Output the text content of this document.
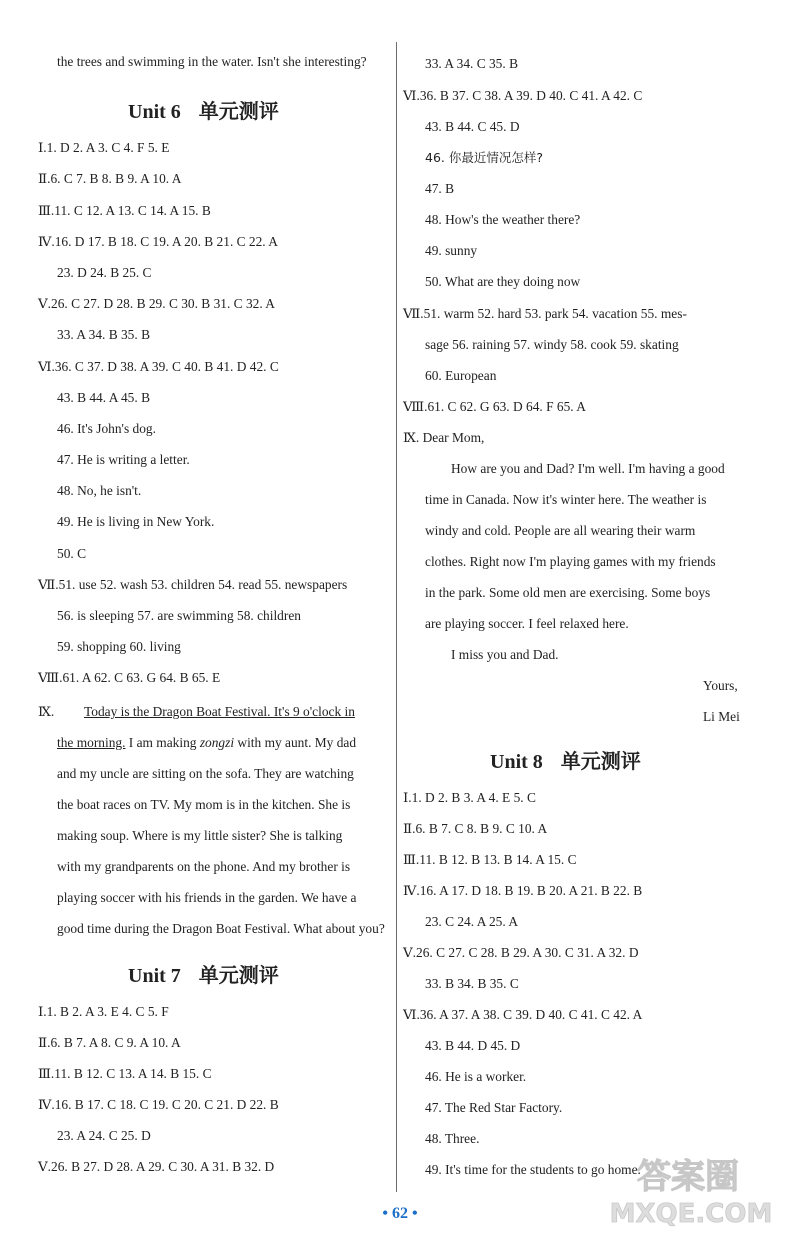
the trees and swimming in the water. Isn't she interesting?
Unit 6 单元测评
Ⅰ.1. D 2. A 3. C 4. F 5. E
Ⅱ.6. C 7. B 8. B 9. A 10. A
Ⅲ.11. C 12. A 13. C 14. A 15. B
Ⅳ.16. D 17. B 18. C 19. A 20. B 21. C 22. A
23. D 24. B 25. C
Ⅴ.26. C 27. D 28. B 29. C 30. B 31. C 32. A
33. A 34. B 35. B
Ⅵ.36. C 37. D 38. A 39. C 40. B 41. D 42. C
43. B 44. A 45. B
46. It's John's dog.
47. He is writing a letter.
48. No, he isn't.
49. He is living in New York.
50. C
Ⅶ.51. use 52. wash 53. children 54. read 55. newspapers
56. is sleeping 57. are swimming 58. children
59. shopping 60. living
Ⅷ.61. A 62. C 63. G 64. B 65. E
Ⅸ. Today is the Dragon Boat Festival. It's 9 o'clock in
the morning. I am making zongzi with my aunt. My dad
and my uncle are sitting on the sofa. They are watching
the boat races on TV. My mom is in the kitchen. She is
making soup. Where is my little sister? She is talking
with my grandparents on the phone. And my brother is
playing soccer with his friends in the garden. We have a
good time during the Dragon Boat Festival. What about you?
Unit 7 单元测评
Ⅰ.1. B 2. A 3. E 4. C 5. F
Ⅱ.6. B 7. A 8. C 9. A 10. A
Ⅲ.11. B 12. C 13. A 14. B 15. C
Ⅳ.16. B 17. C 18. C 19. C 20. C 21. D 22. B
23. A 24. C 25. D
Ⅴ.26. B 27. D 28. A 29. C 30. A 31. B 32. D
33. A 34. C 35. B
Ⅵ.36. B 37. C 38. A 39. D 40. C 41. A 42. C
43. B 44. C 45. D
46. 你最近情况怎样?
47. B
48. How's the weather there?
49. sunny
50. What are they doing now
Ⅶ.51. warm 52. hard 53. park 54. vacation 55. mes-
sage 56. raining 57. windy 58. cook 59. skating
60. European
Ⅷ.61. C 62. G 63. D 64. F 65. A
Ⅸ. Dear Mom,
How are you and Dad? I'm well. I'm having a good
time in Canada. Now it's winter here. The weather is
windy and cold. People are all wearing their warm
clothes. Right now I'm playing games with my friends
in the park. Some old men are exercising. Some boys
are playing soccer. I feel relaxed here.
I miss you and Dad.
Yours,
Li Mei
Unit 8 单元测评
Ⅰ.1. D 2. B 3. A 4. E 5. C
Ⅱ.6. B 7. C 8. B 9. C 10. A
Ⅲ.11. B 12. B 13. B 14. A 15. C
Ⅳ.16. A 17. D 18. B 19. B 20. A 21. B 22. B
23. C 24. A 25. A
Ⅴ.26. C 27. C 28. B 29. A 30. C 31. A 32. D
33. B 34. B 35. C
Ⅵ.36. A 37. A 38. C 39. D 40. C 41. C 42. A
43. B 44. D 45. D
46. He is a worker.
47. The Red Star Factory.
48. Three.
49. It's time for the students to go home.
答案圈
MXQE.COM
• 62 •
